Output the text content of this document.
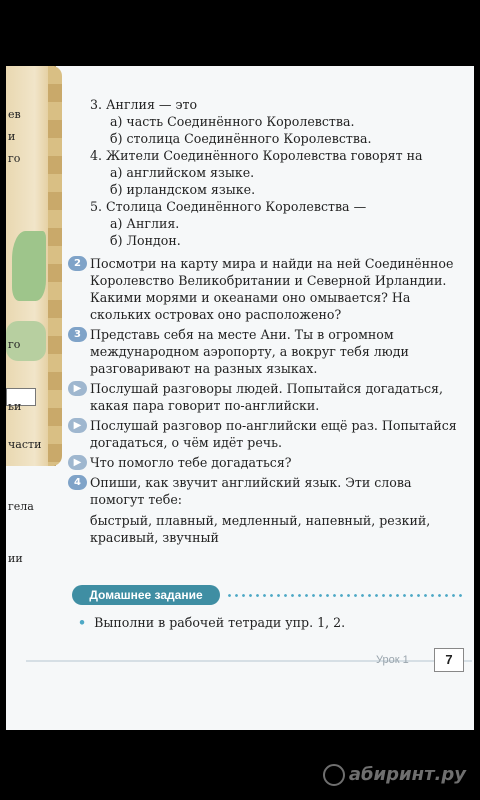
ев
и
го
го
ьи
части
гела
ии

3. Англия — это

а) часть Соединённого Королевства.

б) столица Соединённого Королевства.

4. Жители Соединённого Королевства говорят на

а) английском языке.

б) ирландском языке.

5. Столица Соединённого Королевства —

а) Англия.

б) Лондон.

2 Посмотри на карту мира и найди на ней Соединённое Королевство Великобритании и Северной Ирландии. Какими морями и океанами оно омывается? На скольких островах оно расположено?
3 Представь себя на месте Ани. Ты в огромном международном аэропорту, а вокруг тебя люди разговаривают на разных языках.
▶ Послушай разговоры людей. Попытайся догадаться, какая пара говорит по-английски.
▶ Послушай разговор по-английски ещё раз. Попытайся догадаться, о чём идёт речь.
▶ Что помогло тебе догадаться?
4 Опиши, как звучит английский язык. Эти слова помогут тебе:
быстрый, плавный, медленный, напевный, резкий, красивый, звучный
Домашнее задание
• Выполни в рабочей тетради упр. 1, 2.
Урок 1	7
абиринт.ру
